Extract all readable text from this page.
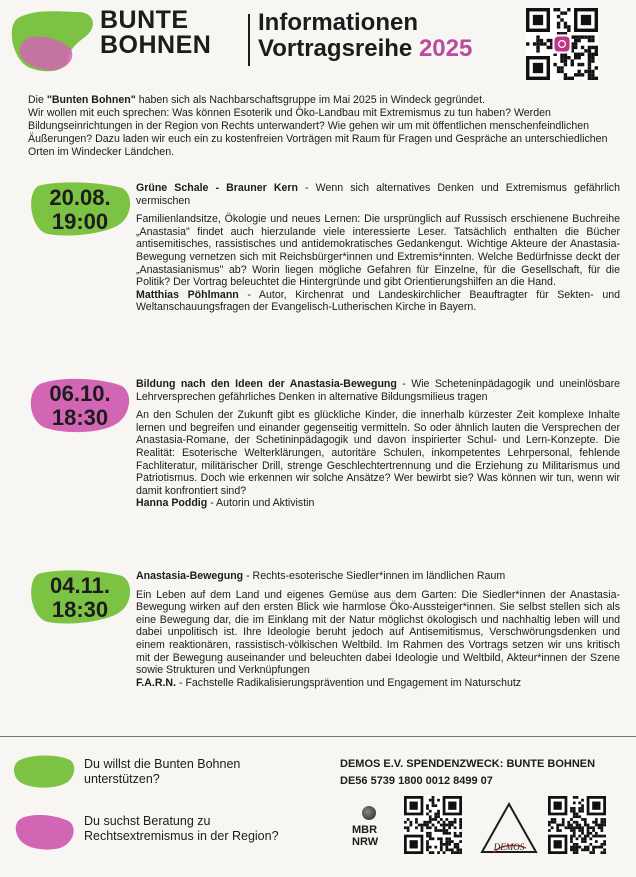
BUNTE
BOHNEN
Informationen
Vortragsreihe 2025
Die "Bunten Bohnen" haben sich als Nachbarschaftsgruppe im Mai 2025 in Windeck gegründet.
Wir wollen mit euch sprechen: Was können Esoterik und Öko-Landbau mit Extremismus zu tun haben? Werden Bildungseinrichtungen in der Region von Rechts unterwandert? Wie gehen wir um mit öffentlichen menschenfeindlichen Äußerungen? Dazu laden wir euch ein zu kostenfreien Vorträgen mit Raum für Fragen und Gespräche an unterschiedlichen Orten im Windecker Ländchen.
20.08.
19:00

Grüne Schale - Brauner Kern - Wenn sich alternatives Denken und Extremismus gefährlich vermischen

Familienlandsitze, Ökologie und neues Lernen: Die ursprünglich auf Russisch erschienene Buchreihe „Anastasia" findet auch hierzulande viele interessierte Leser. Tatsächlich enthalten die Bücher antisemitisches, rassistisches und antidemokratisches Gedankengut. Wichtige Akteure der Anastasia-Bewegung vernetzen sich mit Reichsbürger*innen und Extremis*innten. Welche Bedürfnisse deckt der „Anastasianismus" ab? Worin liegen mögliche Gefahren für Einzelne, für die Gesellschaft, für die Politik? Der Vortrag beleuchtet die Hintergründe und gibt Orientierungshilfen an die Hand.

Matthias Pöhlmann - Autor, Kirchenrat und Landeskirchlicher Beauftragter für Sekten- und Weltanschauungsfragen der Evangelisch-Lutherischen Kirche in Bayern.

06.10.
18:30

Bildung nach den Ideen der Anastasia-Bewegung - Wie Scheteninpädagogik und uneinlösbare Lehrversprechen gefährliches Denken in alternative Bildungsmilieus tragen

An den Schulen der Zukunft gibt es glückliche Kinder, die innerhalb kürzester Zeit komplexe Inhalte lernen und begreifen und einander gegenseitig vermitteln. So oder ähnlich lauten die Versprechen der Anastasia-Romane, der Schetininpädagogik und davon inspirierter Schul- und Lern-Konzepte. Die Realität: Esoterische Welterklärungen, autoritäre Schulen, inkompetentes Lehrpersonal, fehlende Fachliteratur, militärischer Drill, strenge Geschlechtertrennung und die Erziehung zu Militarismus und Patriotismus. Doch wie erkennen wir solche Ansätze? Wer bewirbt sie? Was können wir tun, wenn wir damit konfrontiert sind?

Hanna Poddig - Autorin und Aktivistin

04.11.
18:30

Anastasia-Bewegung - Rechts-esoterische Siedler*innen im ländlichen Raum

Ein Leben auf dem Land und eigenes Gemüse aus dem Garten: Die Siedler*innen der Anastasia-Bewegung wirken auf den ersten Blick wie harmlose Öko-Aussteiger*innen. Sie selbst stellen sich als eine Bewegung dar, die im Einklang mit der Natur möglichst ökologisch und nachhaltig leben will und dabei unpolitisch ist. Ihre Ideologie beruht jedoch auf Antisemitismus, Verschwörungsdenken und einem reaktionären, rassistisch-völkischen Weltbild. Im Rahmen des Vortrags setzen wir uns kritisch mit der Bewegung auseinander und beleuchten dabei Ideologie und Weltbild, Akteur*innen der Szene sowie Strukturen und Verknüpfungen

F.A.R.N. - Fachstelle Radikalisierungsprävention und Engagement im Naturschutz

Du willst die Bunten Bohnen unterstützen?
Du suchst Beratung zu Rechtsextremismus in der Region?
DEMOS E.V. SPENDENZWECK: BUNTE BOHNEN
DE56 5739 1800 0012 8499 07
MBR
NRW	DEMOS
